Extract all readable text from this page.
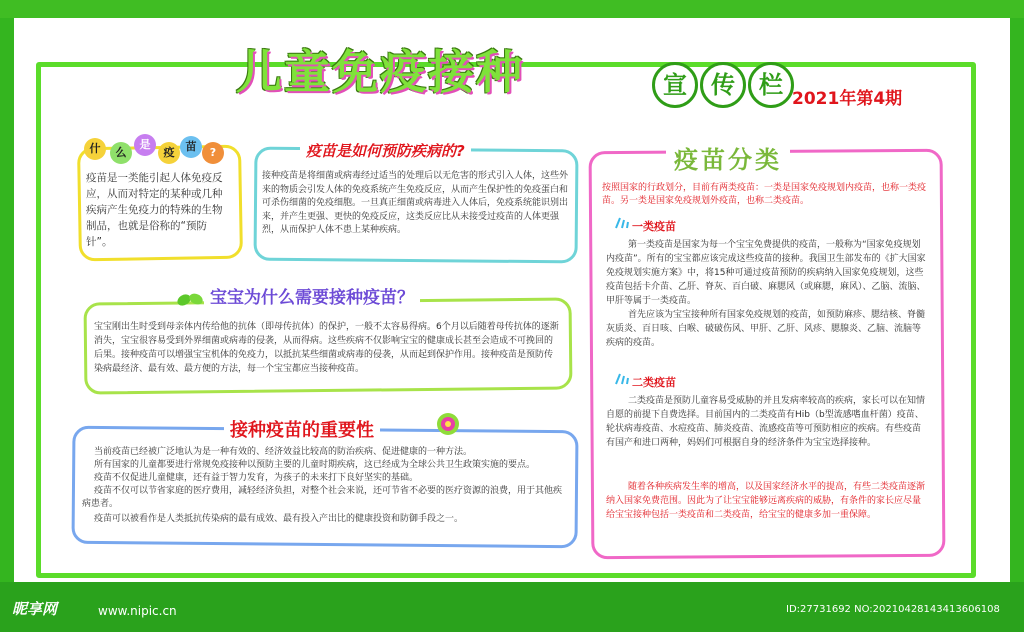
儿童免疫接种	宣	传	栏 2021年第4期
什	么
是
疫	苗	?

疫苗是一类能引起人体免疫反应，从而对特定的某种或几种疾病产生免疫力的特殊的生物制品，也就是俗称的“预防针”。

疫苗是如何预防疾病的?

接种疫苗是将细菌或病毒经过适当的处理后以无危害的形式引入人体，这些外来的物质会引发人体的免疫系统产生免疫反应，从而产生保护性的免疫蛋白和可杀伤细菌的免疫细胞。一旦真正细菌或病毒进入人体后，免疫系统能识别出来，并产生更强、更快的免疫反应，这类反应比从未接受过疫苗的人体更强烈，从而保护人体不患上某种疾病。

宝宝为什么需要接种疫苗？

宝宝刚出生时受到母亲体内传给他的抗体（即母传抗体）的保护，一般不太容易得病。6个月以后随着母传抗体的逐渐消失，宝宝很容易受到外界细菌或病毒的侵袭，从而得病。这些疾病不仅影响宝宝的健康成长甚至会造成不可挽回的后果。接种疫苗可以增强宝宝机体的免疫力，以抵抗某些细菌或病毒的侵袭，从而起到保护作用。接种疫苗是预防传染病最经济、最有效、最方便的方法，每一个宝宝都应当接种疫苗。

接种疫苗的重要性

当前疫苗已经被广泛地认为是一种有效的、经济效益比较高的防治疾病、促进健康的一种方法。

所有国家的儿童都要进行常规免疫接种以预防主要的儿童时期疾病，这已经成为全球公共卫生政策实施的要点。

疫苗不仅促进儿童健康，还有益于智力发育，为孩子的未来打下良好坚实的基础。

疫苗不仅可以节省家庭的医疗费用，减轻经济负担，对整个社会来说，还可节省不必要的医疗资源的浪费，用于其他疾病患者。

疫苗可以被看作是人类抵抗传染病的最有成效、最有投入产出比的健康投资和防御手段之一。

疫苗分类

按照国家的行政划分，目前有两类疫苗：一类是国家免疫规划内疫苗，也称一类疫苗。另一类是国家免疫规划外疫苗，也称二类疫苗。

一类疫苗

第一类疫苗是国家为每一个宝宝免费提供的疫苗，一般称为“国家免疫规划内疫苗”。所有的宝宝都应该完成这些疫苗的接种。我国卫生部发布的《扩大国家免疫规划实施方案》中，将15种可通过疫苗预防的疾病纳入国家免疫规划，这些疫苗包括卡介苗、乙肝、脊灰、百白破、麻腮风（或麻腮，麻风）、乙脑、流脑、甲肝等属于一类疫苗。

首先应该为宝宝接种所有国家免疫规划的疫苗，如预防麻疹、腮结核、脊髓灰质炎、百日咳、白喉、破破伤风、甲肝、乙肝、风疹、腮腺炎、乙脑、流脑等疾病的疫苗。

二类疫苗

二类疫苗是预防儿童容易受威胁的并且发病率较高的疾病，家长可以在知情自愿的前提下自费选择。目前国内的二类疫苗有Hib（b型流感嗜血杆菌）疫苗、轮状病毒疫苗、水痘疫苗、肺炎疫苗、流感疫苗等可预防相应的疾病。有些疫苗有国产和进口两种，妈妈们可根据自身的经济条件为宝宝选择接种。

随着各种疾病发生率的增高，以及国家经济水平的提高，有些二类疫苗逐渐纳入国家免费范围。因此为了让宝宝能够远离疾病的威胁，有条件的家长应尽量给宝宝接种包括一类疫苗和二类疫苗，给宝宝的健康多加一重保障。

昵享网	www.nipic.cn	ID:27731692 NO:20210428143413606108
